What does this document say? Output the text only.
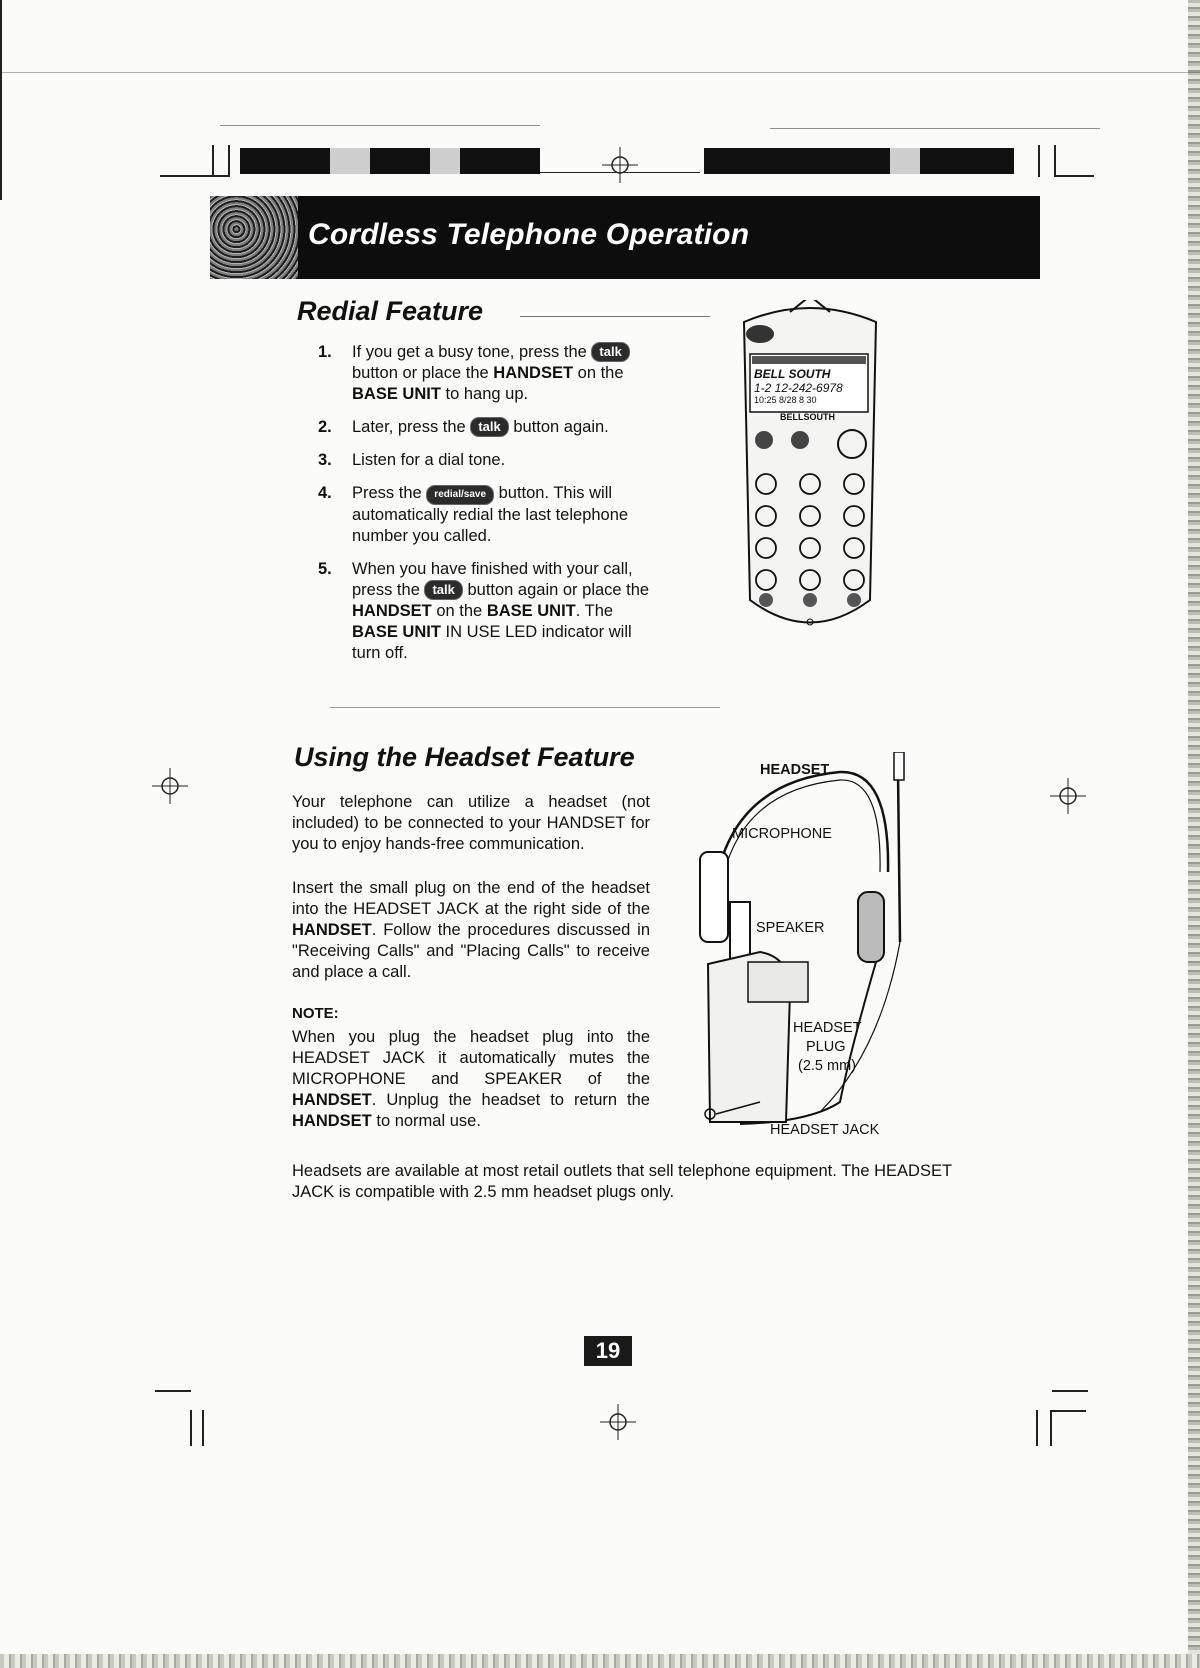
Cordless Telephone Operation
Redial Feature
1. If you get a busy tone, press the talk button or place the HANDSET on the BASE UNIT to hang up.
2. Later, press the talk button again.
3. Listen for a dial tone.
4. Press the redial/save button. This will automatically redial the last telephone number you called.
5. When you have finished with your call, press the talk button again or place the HANDSET on the BASE UNIT. The BASE UNIT IN USE LED indicator will turn off.
BELL SOUTH
1-2 12-242-6978
10:25 8/28 8 30
BELLSOUTH
Using the Headset Feature
Your telephone can utilize a headset (not included) to be connected to your HANDSET for you to enjoy hands-free communication.
Insert the small plug on the end of the headset into the HEADSET JACK at the right side of the HANDSET. Follow the procedures discussed in "Receiving Calls" and "Placing Calls" to receive and place a call.
NOTE:
When you plug the headset plug into the HEADSET JACK it automatically mutes the MICROPHONE and SPEAKER of the HANDSET. Unplug the headset to return the HANDSET to normal use.
HEADSET
MICROPHONE
SPEAKER
HEADSET
PLUG
(2.5 mm)
HEADSET JACK
Headsets are available at most retail outlets that sell telephone equipment. The HEADSET JACK is compatible with 2.5 mm headset plugs only.
19
